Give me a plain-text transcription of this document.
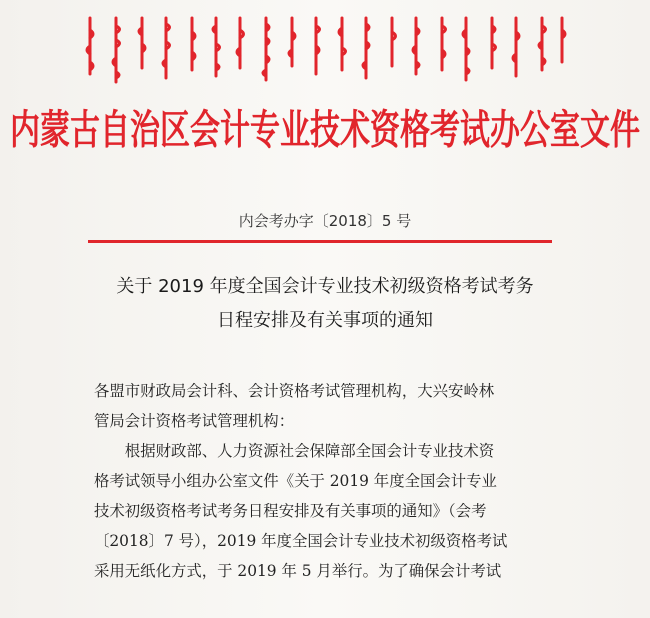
内蒙古自治区会计专业技术资格考试办公室文件
内会考办字〔2018〕5 号
关于 2019 年度全国会计专业技术初级资格考试考务
日程安排及有关事项的通知

各盟市财政局会计科、会计资格考试管理机构，大兴安岭林

管局会计资格考试管理机构：

根据财政部、人力资源社会保障部全国会计专业技术资

格考试领导小组办公室文件《关于 2019 年度全国会计专业

技术初级资格考试考务日程安排及有关事项的通知》（会考

〔2018〕7 号），2019 年度全国会计专业技术初级资格考试

采用无纸化方式，于 2019 年 5 月举行。为了确保会计考试
